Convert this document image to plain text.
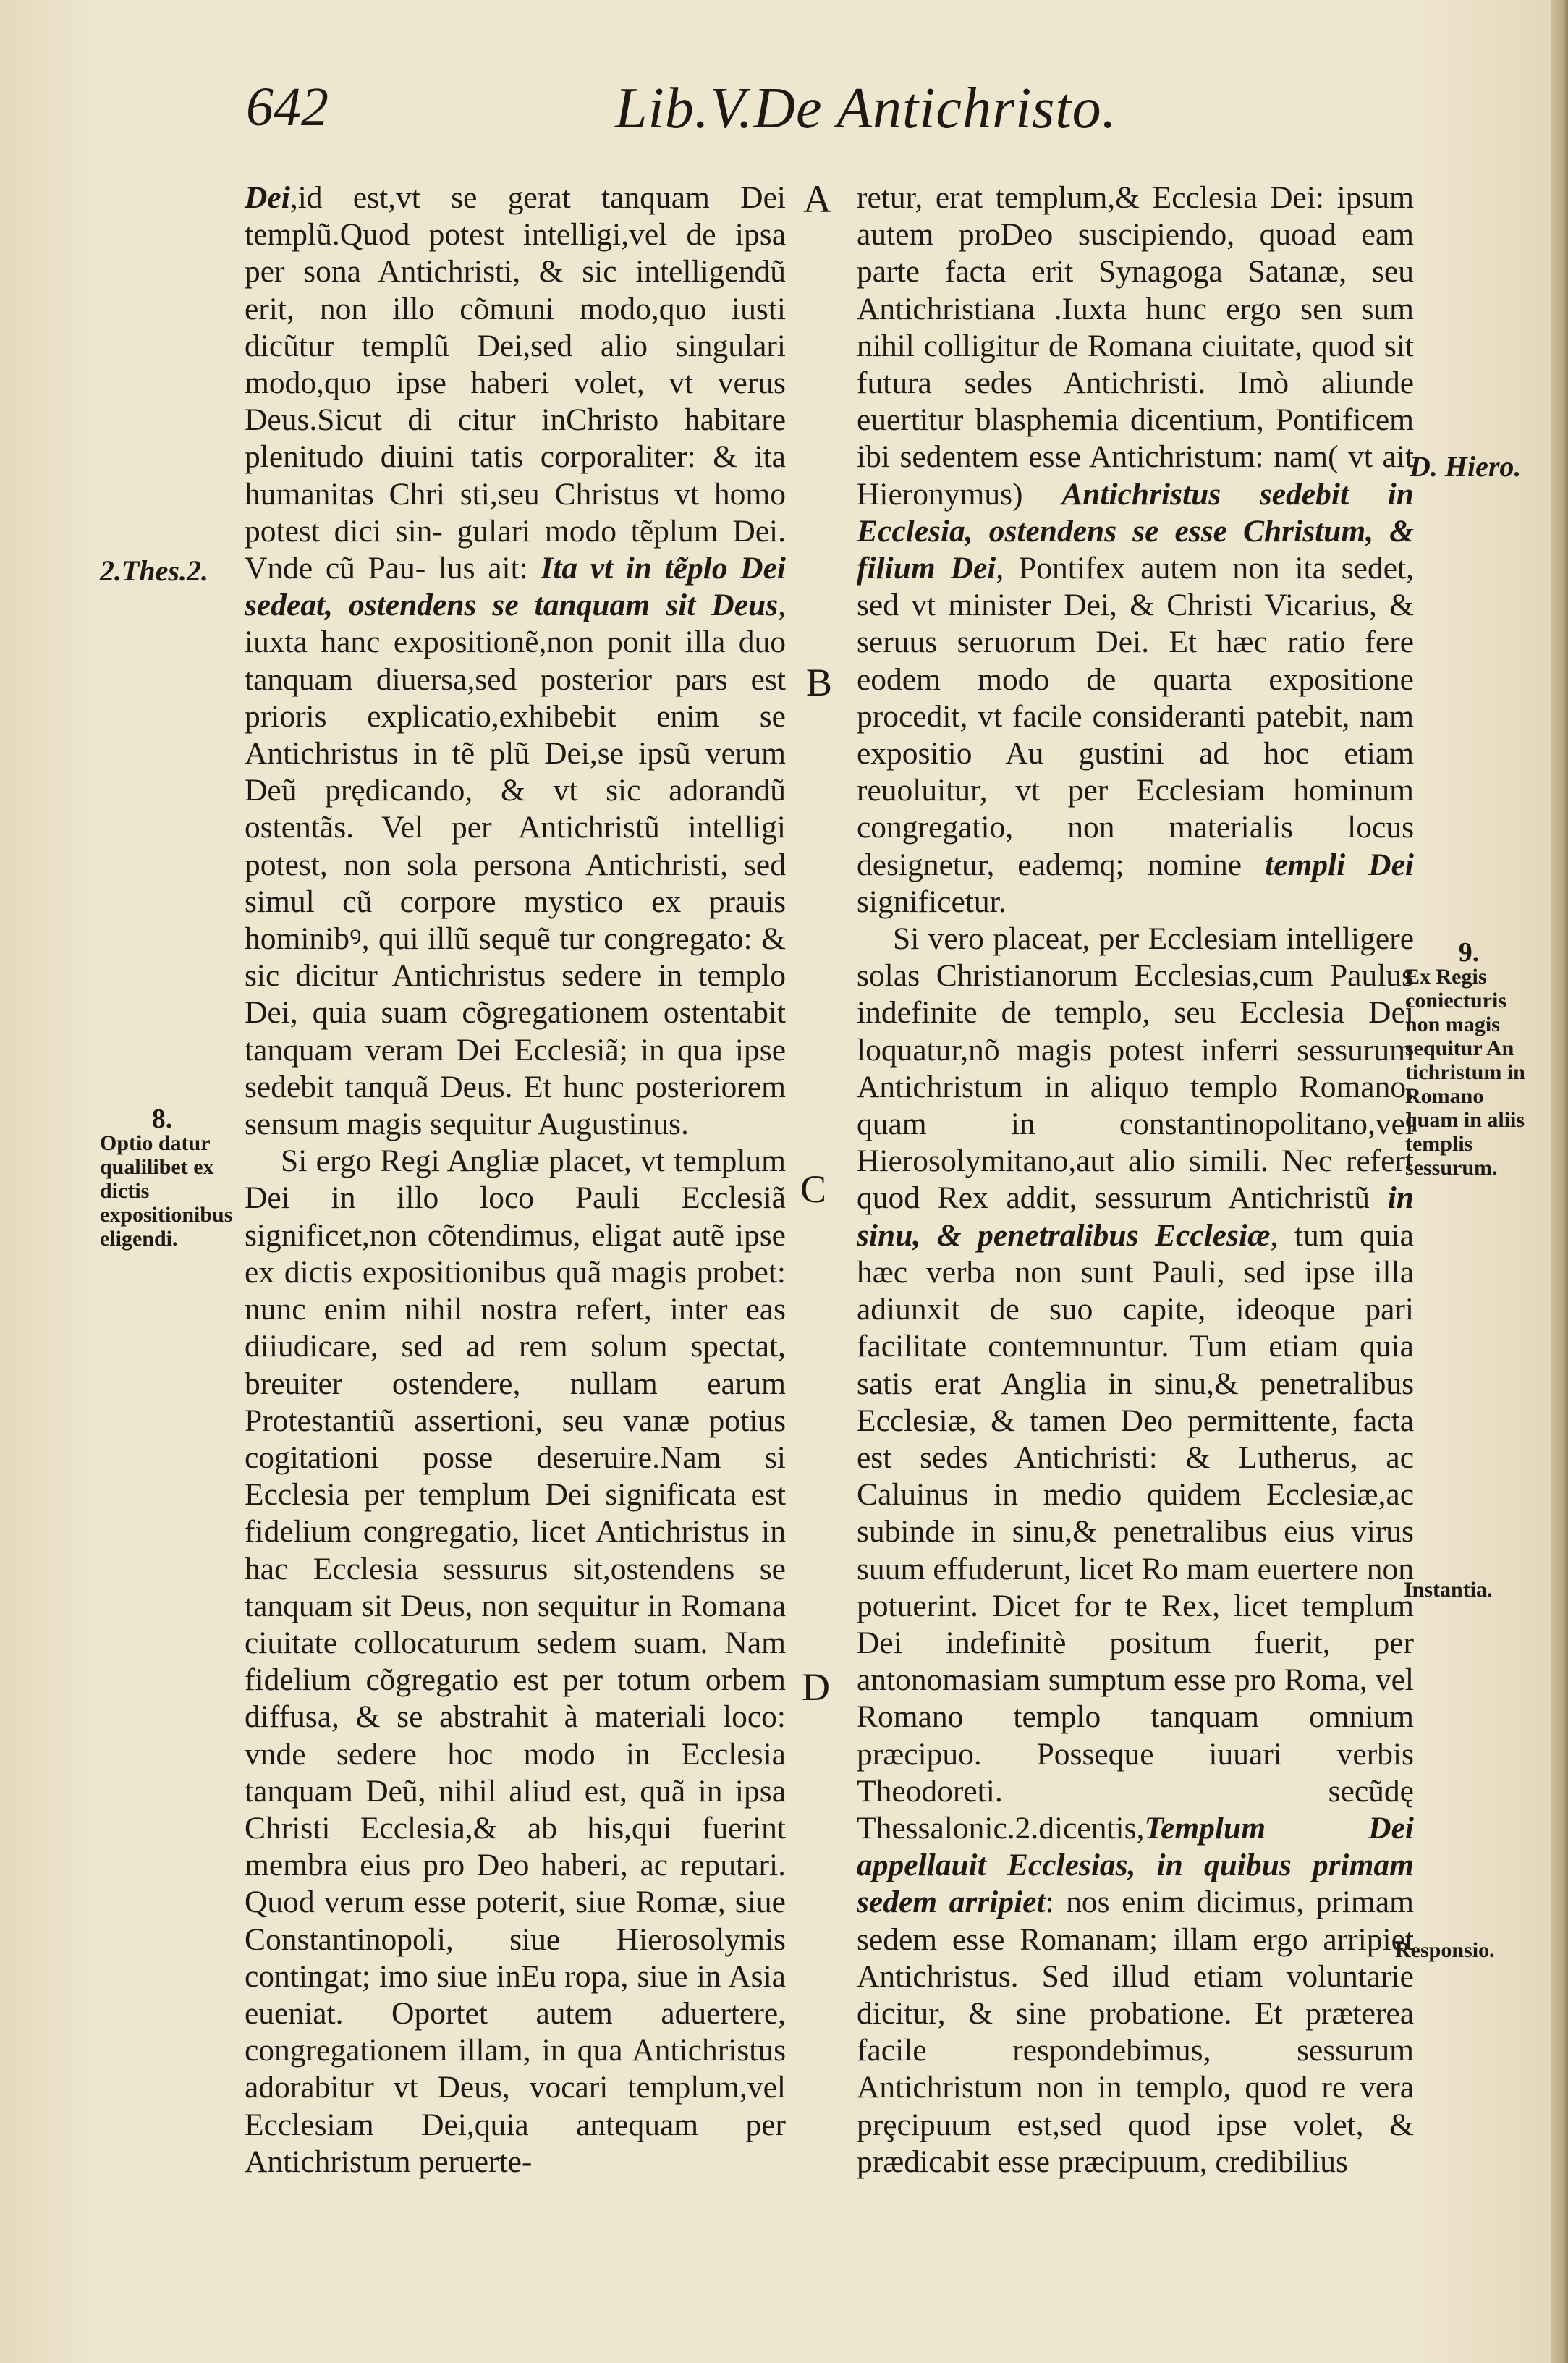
642	Lib.V.De Antichristo.

Dei,id est,vt se gerat tanquam Dei templũ.Quod potest intelligi,vel de ipsa per sona Antichristi, & sic intelligendũ erit, non illo cõmuni modo,quo iusti dicũtur templũ Dei,sed alio singulari modo,quo ipse haberi volet, vt verus Deus.Sicut di citur inChristo habitare plenitudo diuini tatis corporaliter: & ita humanitas Chri sti,seu Christus vt homo potest dici sin- gulari modo tẽplum Dei. Vnde cũ Pau- lus ait: Ita vt in tẽplo Dei sedeat, ostendens se tanquam sit Deus, iuxta hanc expositionẽ,non ponit illa duo tanquam diuersa,sed posterior pars est prioris explicatio,exhibebit enim se Antichristus in tẽ plũ Dei,se ipsũ verum Deũ prędicando, & vt sic adorandũ ostentãs. Vel per Antichristũ intelligi potest, non sola persona Antichristi, sed simul cũ corpore mystico ex prauis hominibꝰ, qui illũ sequẽ tur congregato: & sic dicitur Antichristus sedere in templo Dei, quia suam cõgregationem ostentabit tanquam veram Dei Ecclesiã; in qua ipse sedebit tanquã Deus. Et hunc posteriorem sensum magis sequitur Augustinus.

Si ergo Regi Angliæ placet, vt templum Dei in illo loco Pauli Ecclesiã significet,non cõtendimus, eligat autẽ ipse ex dictis expositionibus quã magis probet: nunc enim nihil nostra refert, inter eas diiudicare, sed ad rem solum spectat, breuiter ostendere, nullam earum Protestantiũ assertioni, seu vanæ potius cogitationi posse deseruire.Nam si Ecclesia per templum Dei significata est fidelium congregatio, licet Antichristus in hac Ecclesia sessurus sit,ostendens se tanquam sit Deus, non sequitur in Romana ciuitate collocaturum sedem suam. Nam fidelium cõgregatio est per totum orbem diffusa, & se abstrahit à materiali loco: vnde sedere hoc modo in Ecclesia tanquam Deũ, nihil aliud est, quã in ipsa Christi Ecclesia,& ab his,qui fuerint membra eius pro Deo haberi, ac reputari. Quod verum esse poterit, siue Romæ, siue Constantinopoli, siue Hierosolymis contingat; imo siue inEu ropa, siue in Asia eueniat. Oportet autem aduertere, congregationem illam, in qua Antichristus adorabitur vt Deus, vocari templum,vel Ecclesiam Dei,quia antequam per Antichristum peruerte-

retur, erat templum,& Ecclesia Dei: ipsum autem proDeo suscipiendo, quoad eam parte facta erit Synagoga Satanæ, seu Antichristiana .Iuxta hunc ergo sen sum nihil colligitur de Romana ciuitate, quod sit futura sedes Antichristi. Imò aliunde euertitur blasphemia dicentium, Pontificem ibi sedentem esse Antichristum: nam( vt ait Hieronymus) Antichristus sedebit in Ecclesia, ostendens se esse Christum, & filium Dei, Pontifex autem non ita sedet, sed vt minister Dei, & Christi Vicarius, & seruus seruorum Dei. Et hæc ratio fere eodem modo de quarta expositione procedit, vt facile consideranti patebit, nam expositio Au gustini ad hoc etiam reuoluitur, vt per Ecclesiam hominum congregatio, non materialis locus designetur, eademq; nomine templi Dei significetur.

Si vero placeat, per Ecclesiam intelligere solas Christianorum Ecclesias,cum Paulus indefinite de templo, seu Ecclesia Dei loquatur,nõ magis potest inferri sessurum Antichristum in aliquo templo Romano, quam in constantinopolitano,vel Hierosolymitano,aut alio simili. Nec refert quod Rex addit, sessurum Antichristũ in sinu, & penetralibus Ecclesiæ, tum quia hæc verba non sunt Pauli, sed ipse illa adiunxit de suo capite, ideoque pari facilitate contemnuntur. Tum etiam quia satis erat Anglia in sinu,& penetralibus Ecclesiæ, & tamen Deo permittente, facta est sedes Antichristi: & Lutherus, ac Caluinus in medio quidem Ecclesiæ,ac subinde in sinu,& penetralibus eius virus suum effuderunt, licet Ro mam euertere non potuerint. Dicet for te Rex, licet templum Dei indefinitè positum fuerit, per antonomasiam sumptum esse pro Roma, vel Romano templo tanquam omnium præcipuo. Posseque iuuari verbis Theodoreti. secũdę Thessalonic.2.dicentis,Templum Dei appellauit Ecclesias, in quibus primam sedem arripiet: nos enim dicimus, primam sedem esse Romanam; illam ergo arripiet Antichristus. Sed illud etiam voluntarie dicitur, & sine probatione. Et præterea facile respondebimus, sessurum Antichristum non in templo, quod re vera prȩcipuum est,sed quod ipse volet, & prædicabit esse præcipuum, credibilius

A
B
C
D
2.Thes.2.
8.
Optio datur qualilibet ex dictis expositionibus eligendi.
D. Hiero.
9.
Ex Regis coniecturis non magis sequitur An tichristum in Romano quam in aliis templis sessurum.
Instantia.
Responsio.
